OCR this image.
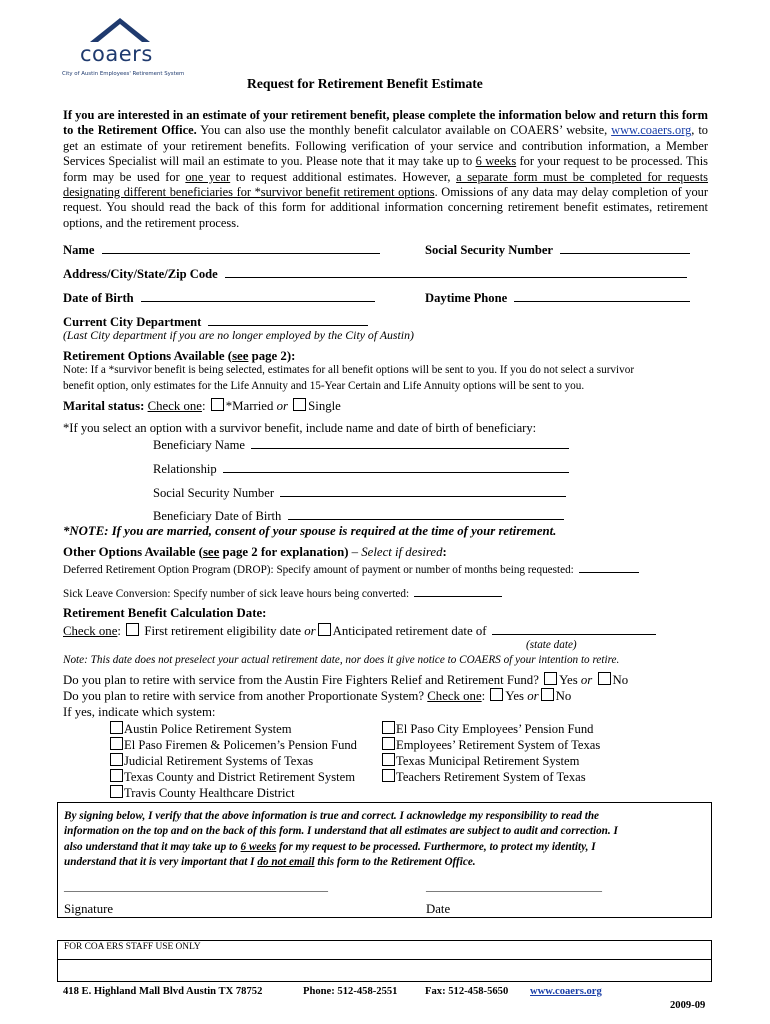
coaers
City of Austin Employees' Retirement System
Request for Retirement Benefit Estimate
If you are interested in an estimate of your retirement benefit, please complete the information below and return this form to the Retirement Office. You can also use the monthly benefit calculator available on COAERS’ website, www.coaers.org, to get an estimate of your retirement benefits. Following verification of your service and contribution information, a Member Services Specialist will mail an estimate to you. Please note that it may take up to 6 weeks for your request to be processed. This form may be used for one year to request additional estimates. However, a separate form must be completed for requests designating different beneficiaries for *survivor benefit retirement options. Omissions of any data may delay completion of your request. You should read the back of this form for additional information concerning retirement benefit estimates, retirement options, and the retirement process.
Name	Social Security Number
Address/City/State/Zip Code
Date of Birth	Daytime Phone
Current City Department
(Last City department if you are no longer employed by the City of Austin)
Retirement Options Available (see page 2):
Note: If a *survivor benefit is being selected, estimates for all benefit options will be sent to you. If you do not select a survivor
benefit option, only estimates for the Life Annuity and 15-Year Certain and Life Annuity options will be sent to you.
Marital status: Check one: *Married or Single
*If you select an option with a survivor benefit, include name and date of birth of beneficiary:
Beneficiary Name
Relationship
Social Security Number
Beneficiary Date of Birth
*NOTE: If you are married, consent of your spouse is required at the time of your retirement.
Other Options Available (see page 2 for explanation) – Select if desired:
Deferred Retirement Option Program (DROP): Specify amount of payment or number of months being requested:
Sick Leave Conversion: Specify number of sick leave hours being converted:
Retirement Benefit Calculation Date:
Check one:  First retirement eligibility date or Anticipated retirement date of
(state date)
Note: This date does not preselect your actual retirement date, nor does it give notice to COAERS of your intention to retire.
Do you plan to retire with service from the Austin Fire Fighters Relief and Retirement Fund? Yes or No
Do you plan to retire with service from another Proportionate System? Check one: Yes or No
If yes, indicate which system:
Austin Police Retirement System
El Paso Firemen & Policemen’s Pension Fund
Judicial Retirement Systems of Texas
Texas County and District Retirement System
Travis County Healthcare District
El Paso City Employees’ Pension Fund
Employees’ Retirement System of Texas
Texas Municipal Retirement System
Teachers Retirement System of Texas
By signing below, I verify that the above information is true and correct. I acknowledge my responsibility to read the
information on the top and on the back of this form. I understand that all estimates are subject to audit and correction. I
also understand that it may take up to 6 weeks for my request to be processed. Furthermore, to protect my identity, I
understand that it is very important that I do not email this form to the Retirement Office.
________________________________________________	________________________________
Signature	Date
FOR COA ERS STAFF USE ONLY
418 E. Highland Mall Blvd Austin TX 78752	Phone: 512-458-2551	Fax: 512-458-5650 www.coaers.org
2009-09
